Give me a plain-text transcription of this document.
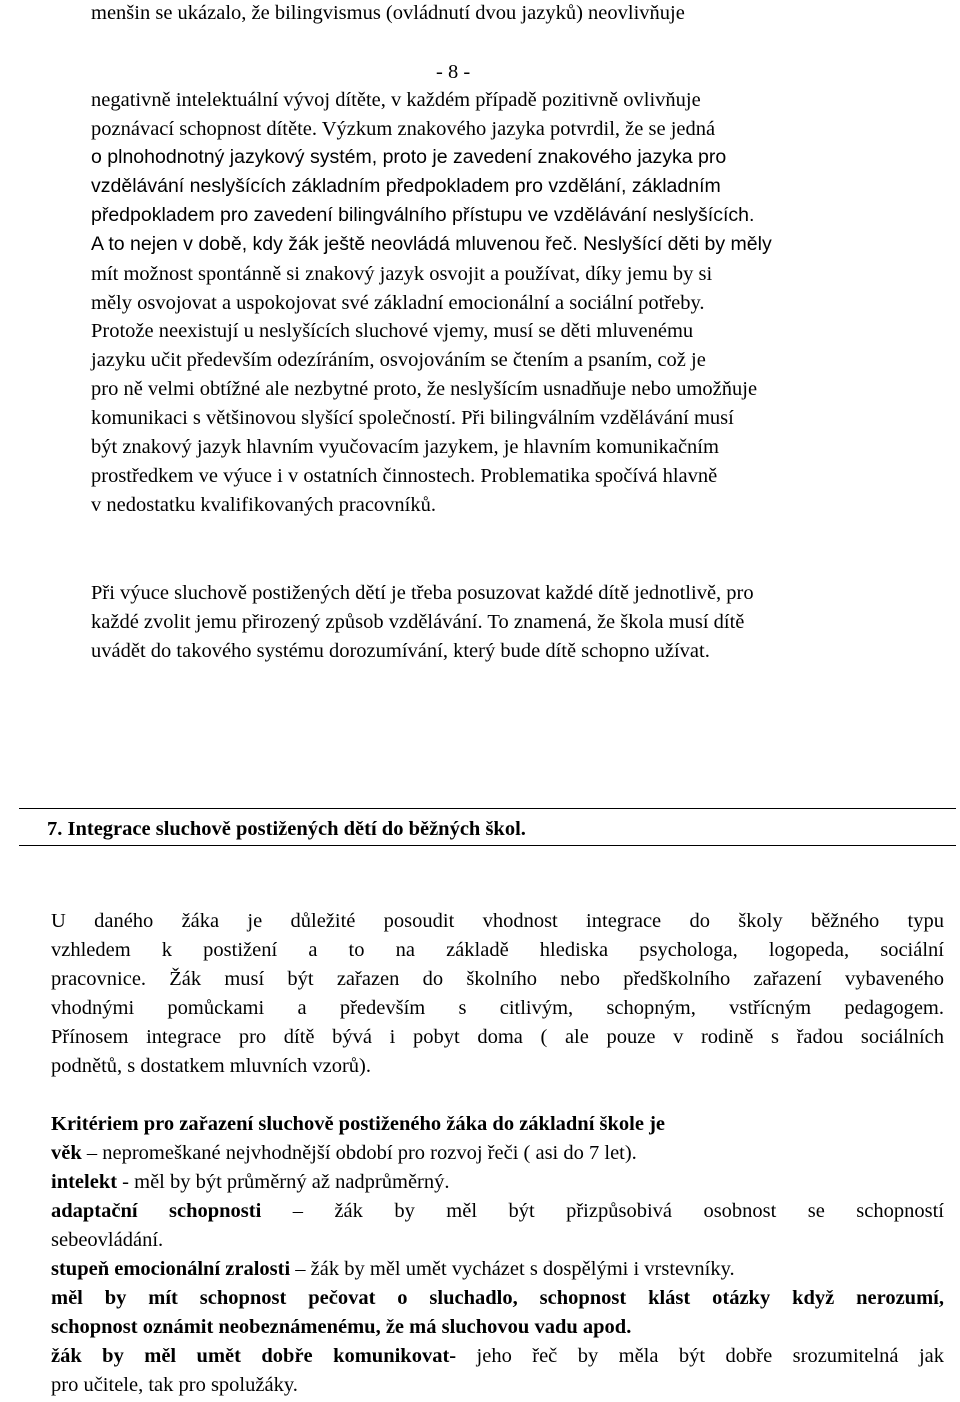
menšin se ukázalo, že bilingvismus (ovládnutí dvou jazyků) neovlivňuje
- 8 -
negativně intelektuální vývoj dítěte, v každém případě pozitivně ovlivňuje
poznávací schopnost dítěte. Výzkum znakového jazyka potvrdil, že se jedná
o plnohodnotný jazykový systém, proto je zavedení znakového jazyka pro
vzdělávání neslyšících základním předpokladem pro vzdělání, základním
předpokladem pro zavedení bilingválního přístupu ve vzdělávání neslyšících.
A to nejen v době, kdy žák ještě neovládá mluvenou řeč. Neslyšící děti by měly
mít možnost spontánně si znakový jazyk osvojit a používat, díky jemu by si
měly osvojovat a uspokojovat své základní emocionální a sociální potřeby.
Protože neexistují u neslyšících sluchové vjemy, musí se děti mluvenému
jazyku učit především odezíráním, osvojováním se čtením a psaním, což je
pro ně velmi obtížné ale nezbytné proto, že neslyšícím usnadňuje nebo umožňuje
komunikaci s většinovou slyšící společností. Při bilingválním vzdělávání musí
být znakový jazyk hlavním vyučovacím jazykem, je hlavním komunikačním
prostředkem ve výuce i v ostatních činnostech. Problematika spočívá hlavně
v nedostatku kvalifikovaných pracovníků.
Při výuce sluchově postižených dětí je třeba posuzovat každé dítě jednotlivě, pro
každé zvolit jemu přirozený způsob vzdělávání. To znamená, že škola musí dítě
uvádět do takového systému dorozumívání, který bude dítě schopno užívat.
7. Integrace sluchově postižených dětí do běžných škol.
U daného žáka je důležité posoudit vhodnost integrace do školy běžného typu
vzhledem k postižení a to na základě hlediska psychologa, logopeda, sociální
pracovnice. Žák musí být zařazen do školního nebo předškolního zařazení vybaveného
vhodnými pomůckami a především s citlivým, schopným, vstřícným pedagogem.
Přínosem integrace pro dítě bývá i pobyt doma ( ale pouze v rodině s řadou sociálních
podnětů, s dostatkem mluvních vzorů).
Kritériem pro zařazení sluchově postiženého žáka do základní školе je
věk – nepromeškané nejvhodnější období pro rozvoj řeči ( asi do 7 let).
intelekt - měl by být průměrný až nadprůměrný.
adaptační schopnosti – žák by měl být přizpůsobivá osobnost se schopností
sebeovládání.
stupeň emocionální zralosti – žák by měl umět vycházet s dospělými i vrstevníky.
měl by mít schopnost pečovat o sluchadlo, schopnost klást otázky když nerozumí,
schopnost oznámit neobeznámenému, že má sluchovou vadu apod.
žák by měl umět dobře komunikovat- jeho řeč by měla být dobře srozumitelná jak
pro učitele, tak pro spolužáky.
